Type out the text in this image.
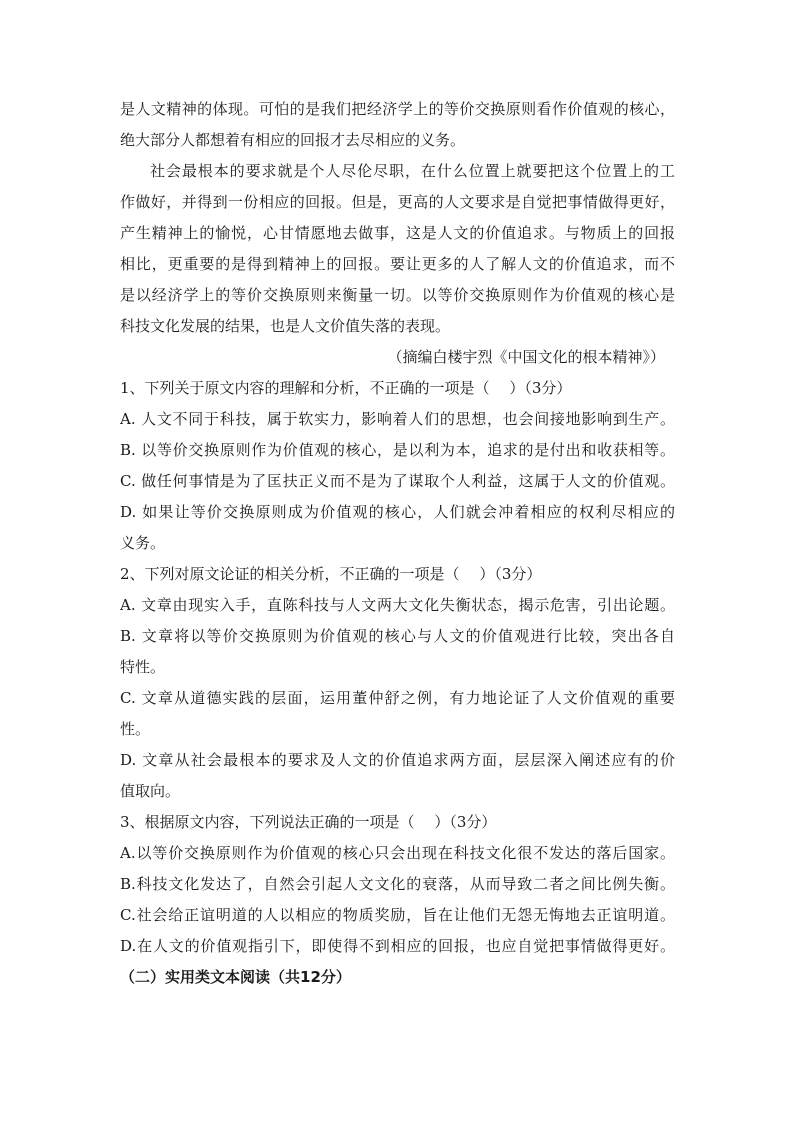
是人文精神的体现。可怕的是我们把经济学上的等价交换原则看作价值观的核心，
绝大部分人都想着有相应的回报才去尽相应的义务。
社会最根本的要求就是个人尽伦尽职，在什么位置上就要把这个位置上的工
作做好，并得到一份相应的回报。但是，更高的人文要求是自觉把事情做得更好，
产生精神上的愉悦，心甘情愿地去做事，这是人文的价值追求。与物质上的回报
相比，更重要的是得到精神上的回报。要让更多的人了解人文的价值追求，而不
是以经济学上的等价交换原则来衡量一切。以等价交换原则作为价值观的核心是
科技文化发展的结果，也是人文价值失落的表现。
（摘编白楼宇烈《中国文化的根本精神》）
1、下列关于原文内容的理解和分析，不正确的一项是（　 ）（3分）
A. 人文不同于科技，属于软实力，影响着人们的思想，也会间接地影响到生产。
B. 以等价交换原则作为价值观的核心，是以利为本，追求的是付出和收获相等。
C. 做任何事情是为了匡扶正义而不是为了谋取个人利益，这属于人文的价值观。
D. 如果让等价交换原则成为价值观的核心，人们就会冲着相应的权利尽相应的
义务。
2、下列对原文论证的相关分析，不正确的一项是（　 ）（3分）
A. 文章由现实入手，直陈科技与人文两大文化失衡状态，揭示危害，引出论题。
B. 文章将以等价交换原则为价值观的核心与人文的价值观进行比较，突出各自
特性。
C. 文章从道德实践的层面，运用董仲舒之例，有力地论证了人文价值观的重要
性。
D. 文章从社会最根本的要求及人文的价值追求两方面，层层深入阐述应有的价
值取向。
3、根据原文内容，下列说法正确的一项是（　 ）（3分）
A.以等价交换原则作为价值观的核心只会出现在科技文化很不发达的落后国家。
B.科技文化发达了，自然会引起人文文化的衰落，从而导致二者之间比例失衡。
C.社会给正谊明道的人以相应的物质奖励，旨在让他们无怨无悔地去正谊明道。
D.在人文的价值观指引下，即使得不到相应的回报，也应自觉把事情做得更好。
（二）实用类文本阅读（共12分）
